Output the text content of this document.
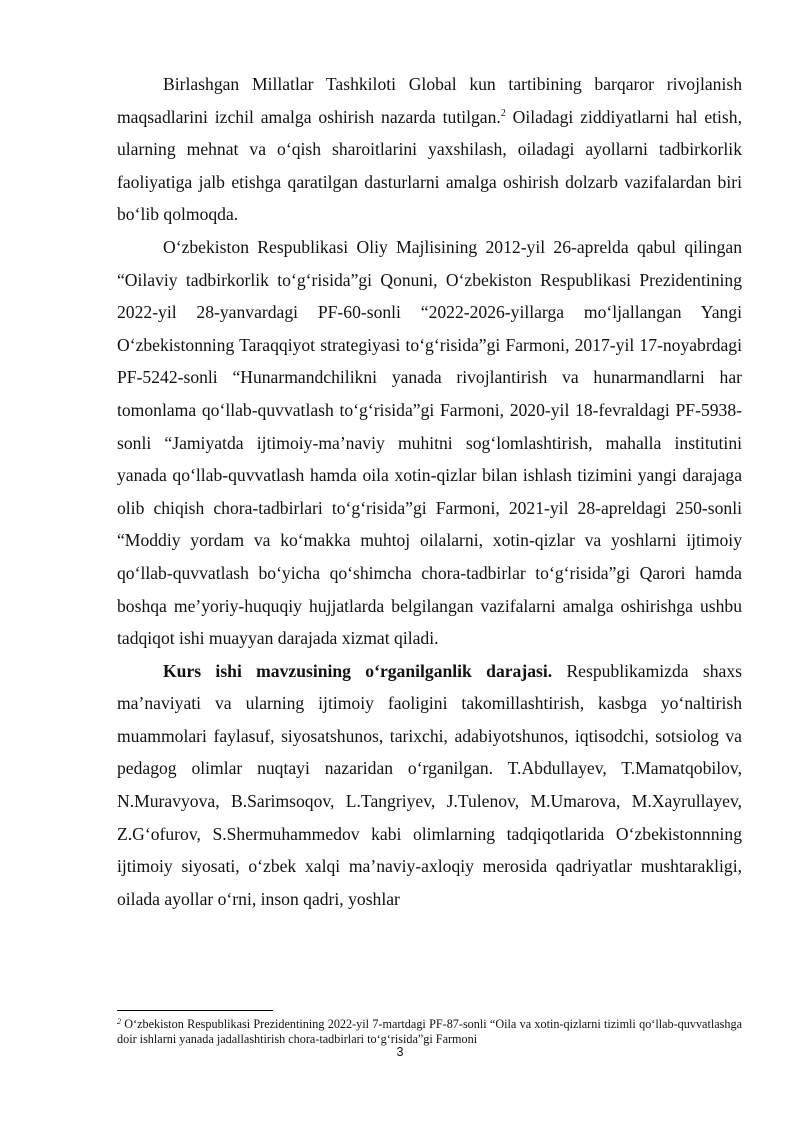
Birlashgan Millatlar Tashkiloti Global kun tartibining barqaror rivojlanish maqsadlarini izchil amalga oshirish nazarda tutilgan.$^2$ Oiladagi ziddiyatlarni hal etish, ularning mehnat va o‘qish sharoitlarini yaxshilash, oiladagi ayollarni tadbirkorlik faoliyatiga jalb etishga qaratilgan dasturlarni amalga oshirish dolzarb vazifalardan biri bo‘lib qolmoqda.

O‘zbekiston Respublikasi Oliy Majlisining 2012-yil 26-aprelda qabul qilingan “Oilaviy tadbirkorlik to‘g‘risida”gi Qonuni, O‘zbekiston Respublikasi Prezidentining 2022-yil 28-yanvardagi PF-60-sonli “2022-2026-yillarga mo‘ljallangan Yangi O‘zbekistonning Taraqqiyot strategiyasi to‘g‘risida”gi Farmoni, 2017-yil 17-noyabrdagi PF-5242-sonli “Hunarmandchilikni yanada rivojlantirish va hunarmandlarni har tomonlama qo‘llab-quvvatlash to‘g‘risida”gi Farmoni, 2020-yil 18-fevraldagi PF-5938-sonli “Jamiyatda ijtimoiy-ma’naviy muhitni sog‘lomlashtirish, mahalla institutini yanada qo‘llab-quvvatlash hamda oila xotin-qizlar bilan ishlash tizimini yangi darajaga olib chiqish chora-tadbirlari to‘g‘risida”gi Farmoni, 2021-yil 28-apreldagi 250-sonli “Moddiy yordam va ko‘makka muhtoj oilalarni, xotin-qizlar va yoshlarni ijtimoiy qo‘llab-quvvatlash bo‘yicha qo‘shimcha chora-tadbirlar to‘g‘risida”gi Qarori hamda boshqa me’yoriy-huquqiy hujjatlarda belgilangan vazifalarni amalga oshirishga ushbu tadqiqot ishi muayyan darajada xizmat qiladi.

Kurs ishi mavzusining o‘rganilganlik darajasi. Respublikamizda shaxs ma’naviyati va ularning ijtimoiy faoligini takomillashtirish, kasbga yo‘naltirish muammolari faylasuf, siyosatshunos, tarixchi, adabiyotshunos, iqtisodchi, sotsiolog va pedagog olimlar nuqtayi nazaridan o‘rganilgan. T.Abdullayev, T.Mamatqobilov, N.Muravyova, B.Sarimsoqov, L.Tangriyev, J.Tulenov, M.Umarova, M.Xayrullayev, Z.G‘ofurov, S.Shermuhammedov kabi olimlarning tadqiqotlarida O‘zbekistonnning ijtimoiy siyosati, o‘zbek xalqi ma’naviy-axloqiy merosida qadriyatlar mushtarakligi, oilada ayollar o‘rni, inson qadri, yoshlar

$^2$ O‘zbekiston Respublikasi Prezidentining 2022-yil 7-martdagi PF-87-sonli “Oila va xotin-qizlarni tizimli qo‘llab-quvvatlashga doir ishlarni yanada jadallashtirish chora-tadbirlari to‘g‘risida”gi Farmoni

3
